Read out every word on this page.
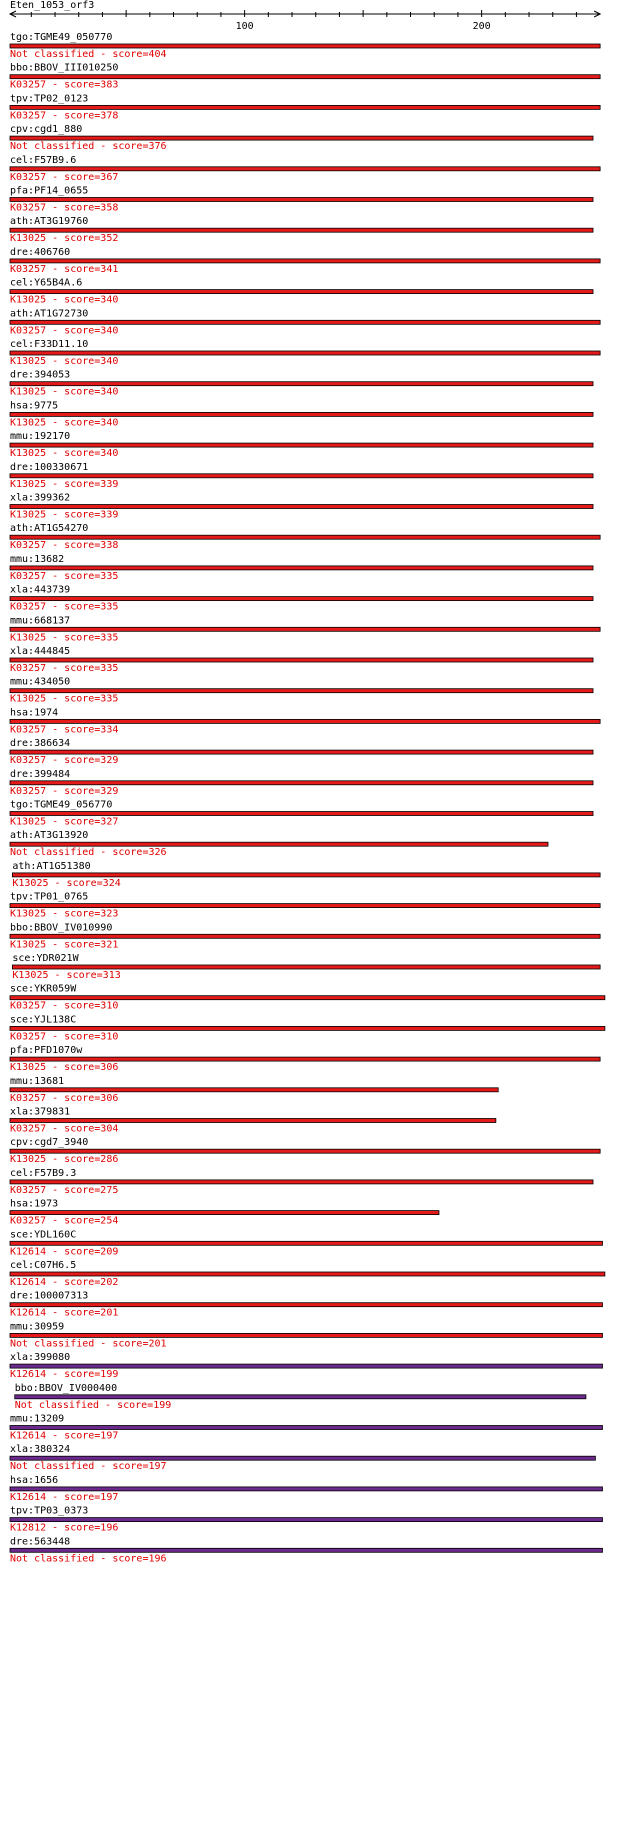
Eten_1053_orf3
100	200
tgo:TGME49_050770
Not classified - score=404
bbo:BBOV_III010250
K03257 - score=383
tpv:TP02_0123
K03257 - score=378
cpv:cgd1_880
Not classified - score=376
cel:F57B9.6
K03257 - score=367
pfa:PF14_0655
K03257 - score=358
ath:AT3G19760
K13025 - score=352
dre:406760
K03257 - score=341
cel:Y65B4A.6
K13025 - score=340
ath:AT1G72730
K03257 - score=340
cel:F33D11.10
K13025 - score=340
dre:394053
K13025 - score=340
hsa:9775
K13025 - score=340
mmu:192170
K13025 - score=340
dre:100330671
K13025 - score=339
xla:399362
K13025 - score=339
ath:AT1G54270
K03257 - score=338
mmu:13682
K03257 - score=335
xla:443739
K03257 - score=335
mmu:668137
K13025 - score=335
xla:444845
K03257 - score=335
mmu:434050
K13025 - score=335
hsa:1974
K03257 - score=334
dre:386634
K03257 - score=329
dre:399484
K03257 - score=329
tgo:TGME49_056770
K13025 - score=327
ath:AT3G13920
Not classified - score=326
ath:AT1G51380
K13025 - score=324
tpv:TP01_0765
K13025 - score=323
bbo:BBOV_IV010990
K13025 - score=321
sce:YDR021W
K13025 - score=313
sce:YKR059W
K03257 - score=310
sce:YJL138C
K03257 - score=310
pfa:PFD1070w
K13025 - score=306
mmu:13681
K03257 - score=306
xla:379831
K03257 - score=304
cpv:cgd7_3940
K13025 - score=286
cel:F57B9.3
K03257 - score=275
hsa:1973
K03257 - score=254
sce:YDL160C
K12614 - score=209
cel:C07H6.5
K12614 - score=202
dre:100007313
K12614 - score=201
mmu:30959
Not classified - score=201
xla:399080
K12614 - score=199
bbo:BBOV_IV000400
Not classified - score=199
mmu:13209
K12614 - score=197
xla:380324
Not classified - score=197
hsa:1656
K12614 - score=197
tpv:TP03_0373
K12812 - score=196
dre:563448
Not classified - score=196
